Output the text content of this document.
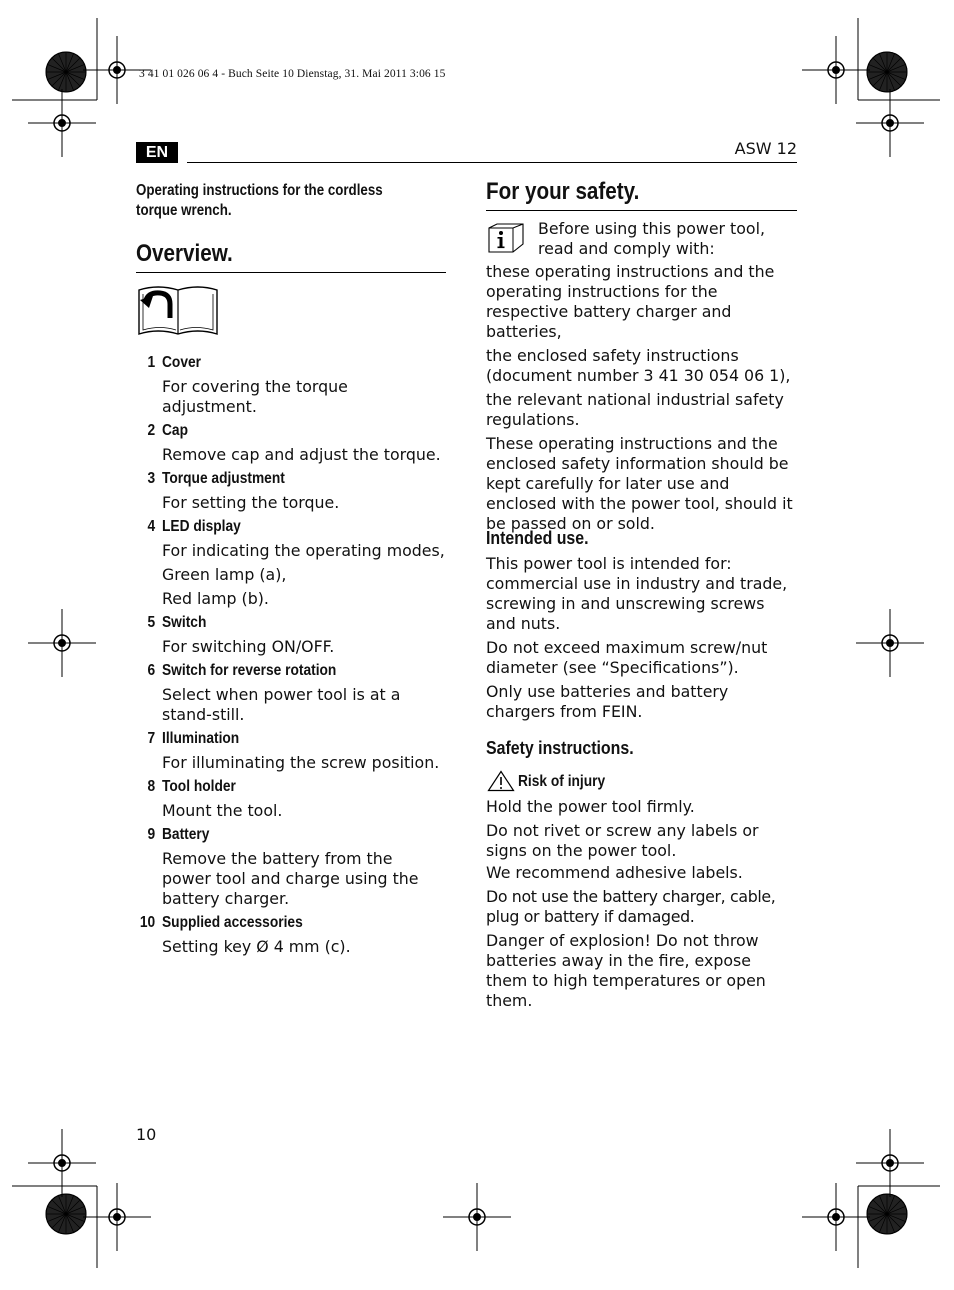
3 41 01 026 06 4 - Buch Seite 10 Dienstag, 31. Mai 2011 3:06 15
EN	ASW 12
Operating instructions for the cordless
torque wrench.
Overview.
1 Cover
For covering the torque adjustment.
2 Cap
Remove cap and adjust the torque.
3 Torque adjustment
For setting the torque.
4 LED display
For indicating the operating modes,
Green lamp (a),
Red lamp (b).
5 Switch
For switching ON/OFF.
6 Switch for reverse rotation
Select when power tool is at a stand-still.
7 Illumination
For illuminating the screw position.
8 Tool holder
Mount the tool.
9 Battery
Remove the battery from the power tool and charge using the battery charger.
10 Supplied accessories
Setting key Ø 4 mm (c).
For your safety.
Before using this power tool, read and comply with:

these operating instructions and the operating instructions for the respective battery charger and batteries,

the enclosed safety instructions (document number 3 41 30 054 06 1),

the relevant national industrial safety regulations.

These operating instructions and the enclosed safety information should be kept carefully for later use and enclosed with the power tool, should it be passed on or sold.

Intended use.

This power tool is intended for: commercial use in industry and trade, screwing in and unscrewing screws and nuts.

Do not exceed maximum screw/nut diameter (see “Specifications”).

Only use batteries and battery chargers from FEIN.

Safety instructions.
Risk of injury

Hold the power tool firmly.

Do not rivet or screw any labels or signs on the power tool.

We recommend adhesive labels.

Do not use the battery charger, cable, plug or battery if damaged.

Danger of explosion! Do not throw batteries away in the fire, expose them to high temperatures or open them.

10
